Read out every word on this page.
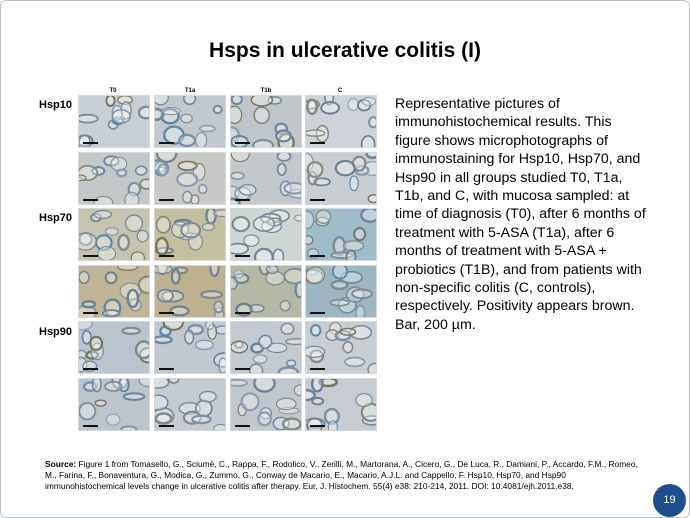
Hsps in ulcerative colitis (I)
T0	T1a	T1b	C
Hsp10
Hsp70
Hsp90
Representative pictures of immunohistochemical results. This figure shows microphotographs of immunostaining for Hsp10, Hsp70, and Hsp90 in all groups studied T0, T1a, T1b, and C, with mucosa sampled: at time of diagnosis (T0), after 6 months of treatment with 5-ASA (T1a), after 6 months of treatment with 5-ASA + probiotics (T1B), and from patients with non-specific colitis (C, controls), respectively. Positivity appears brown. Bar, 200 µm.
Source: Figure 1 from Tomasello, G., Sciumè, C., Rappa, F., Rodolico, V., Zerilli, M., Martorana, A., Cicero, G., De Luca, R., Damiani, P., Accardo, F.M., Romeo, M., Farina, F., Bonaventura, G., Modica, G., Zummo, G., Conway de Macario, E., Macario, A.J.L. and Cappello, F. Hsp10, Hsp70, and Hsp90 immunohistochemical levels change in ulcerative colitis after therapy. Eur. J. Histochem. 55(4) e38: 210-214, 2011. DOI: 10.4081/ejh.2011.e38.
19
